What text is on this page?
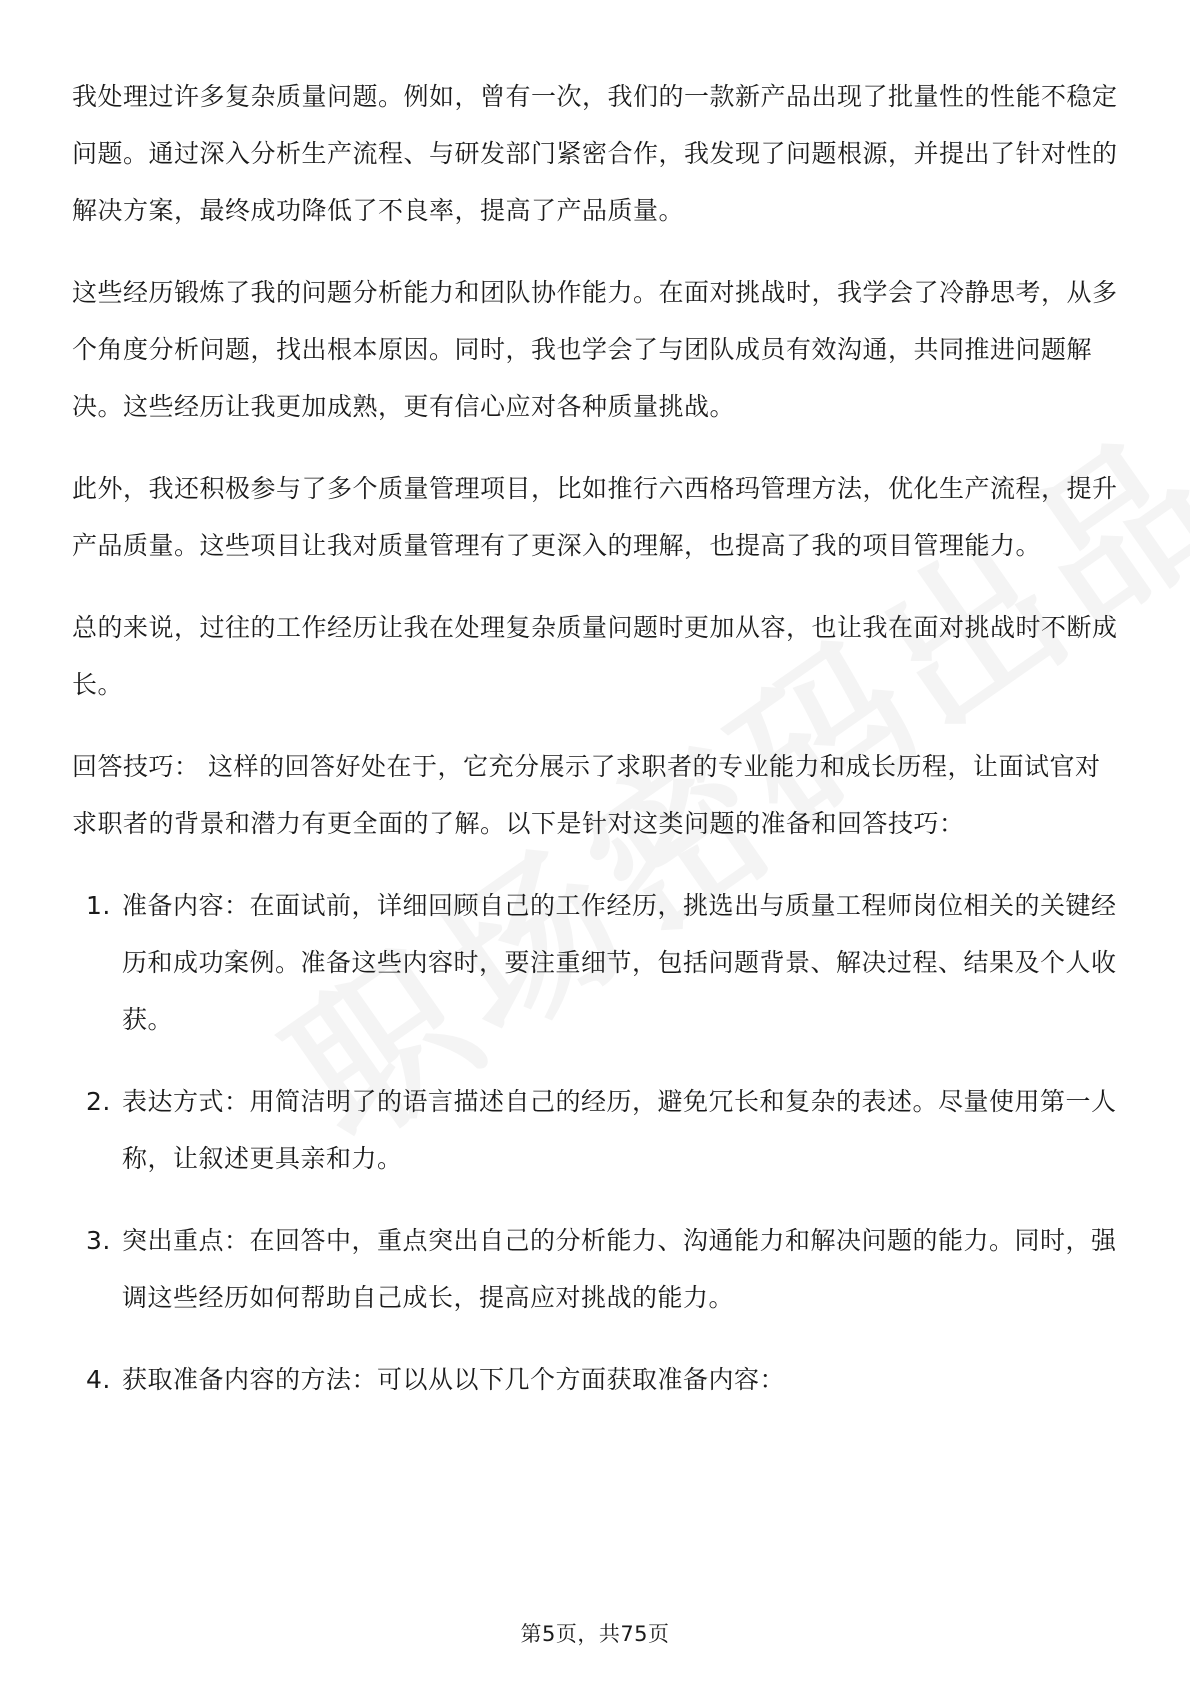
我处理过许多复杂质量问题。例如，曾有一次，我们的一款新产品出现了批量性的性能不稳定问题。通过深入分析生产流程、与研发部门紧密合作，我发现了问题根源，并提出了针对性的解决方案，最终成功降低了不良率，提高了产品质量。

这些经历锻炼了我的问题分析能力和团队协作能力。在面对挑战时，我学会了冷静思考，从多个角度分析问题，找出根本原因。同时，我也学会了与团队成员有效沟通，共同推进问题解决。这些经历让我更加成熟，更有信心应对各种质量挑战。

此外，我还积极参与了多个质量管理项目，比如推行六西格玛管理方法，优化生产流程，提升产品质量。这些项目让我对质量管理有了更深入的理解，也提高了我的项目管理能力。

总的来说，过往的工作经历让我在处理复杂质量问题时更加从容，也让我在面对挑战时不断成长。

回答技巧： 这样的回答好处在于，它充分展示了求职者的专业能力和成长历程，让面试官对求职者的背景和潜力有更全面的了解。以下是针对这类问题的准备和回答技巧：

1. 准备内容：在面试前，详细回顾自己的工作经历，挑选出与质量工程师岗位相关的关键经历和成功案例。准备这些内容时，要注重细节，包括问题背景、解决过程、结果及个人收获。
2. 表达方式：用简洁明了的语言描述自己的经历，避免冗长和复杂的表述。尽量使用第一人称，让叙述更具亲和力。
3. 突出重点：在回答中，重点突出自己的分析能力、沟通能力和解决问题的能力。同时，强调这些经历如何帮助自己成长，提高应对挑战的能力。
4. 获取准备内容的方法：可以从以下几个方面获取准备内容：
第5页，共75页
